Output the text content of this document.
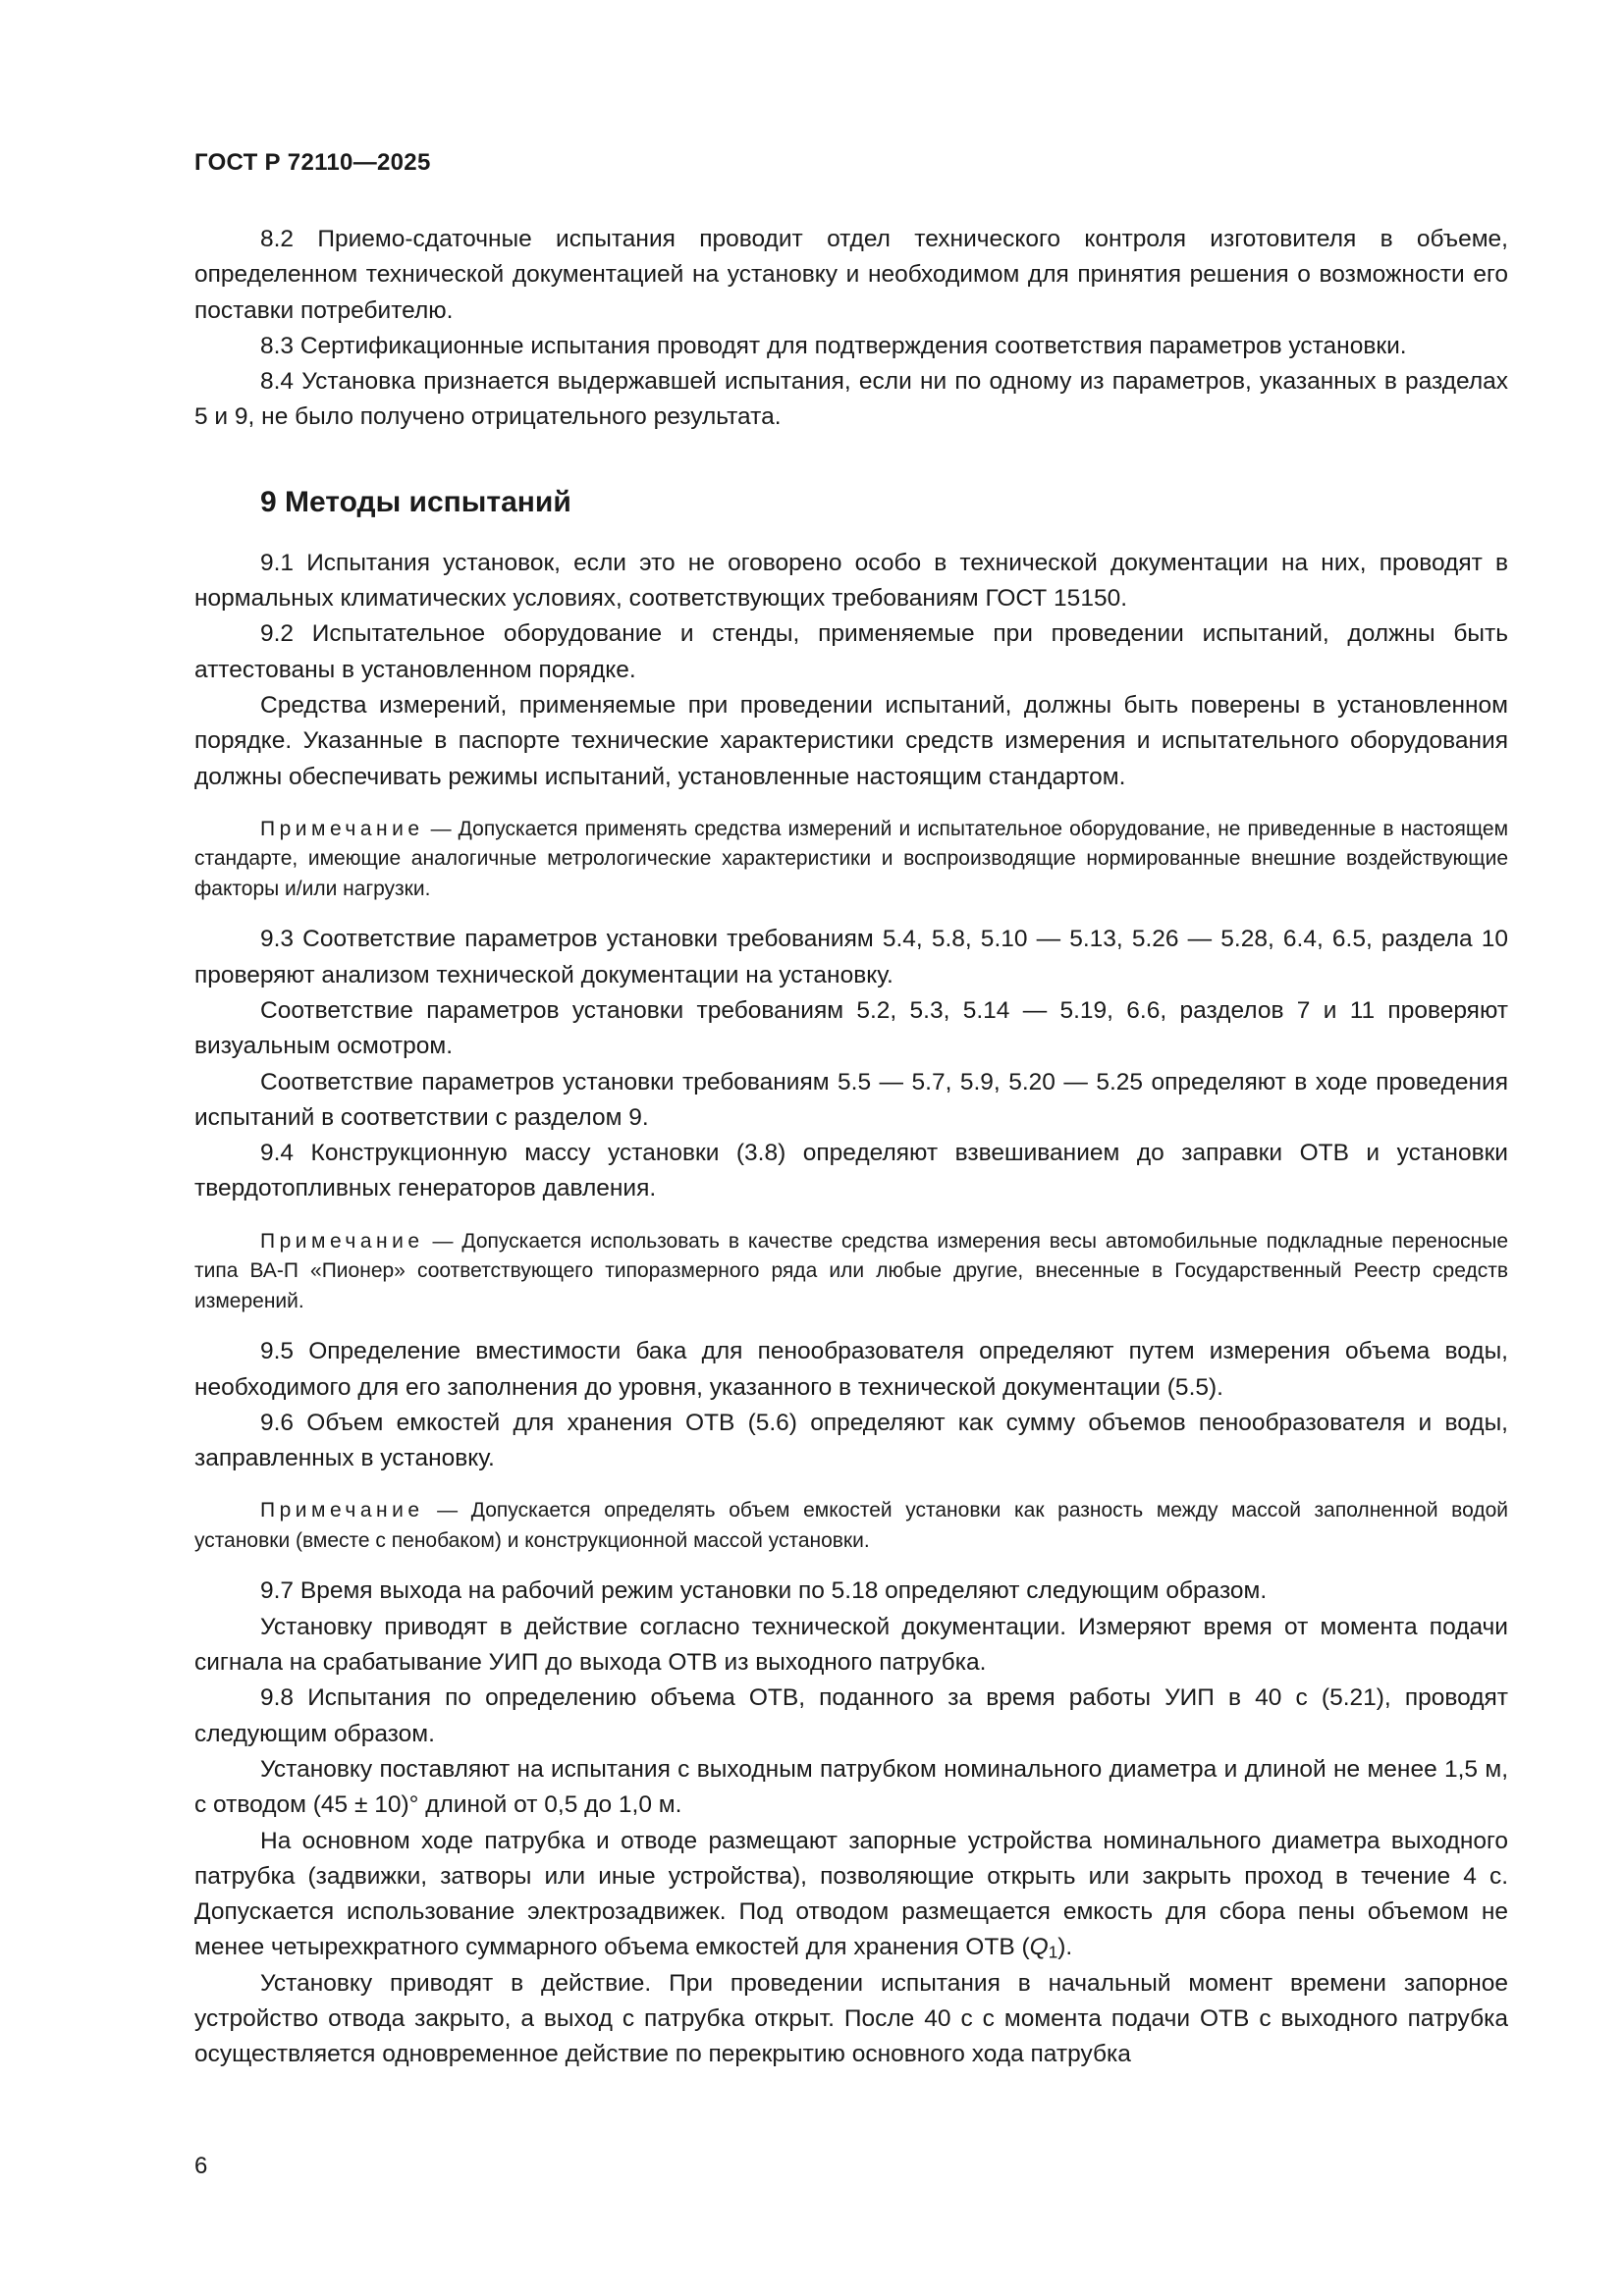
ГОСТ Р 72110—2025

8.2 Приемо-сдаточные испытания проводит отдел технического контроля изготовителя в объеме, определенном технической документацией на установку и необходимом для принятия решения о возможности его поставки потребителю.

8.3 Сертификационные испытания проводят для подтверждения соответствия параметров установки.

8.4 Установка признается выдержавшей испытания, если ни по одному из параметров, указанных в разделах 5 и 9, не было получено отрицательного результата.

9 Методы испытаний

9.1 Испытания установок, если это не оговорено особо в технической документации на них, проводят в нормальных климатических условиях, соответствующих требованиям ГОСТ 15150.

9.2 Испытательное оборудование и стенды, применяемые при проведении испытаний, должны быть аттестованы в установленном порядке.

Средства измерений, применяемые при проведении испытаний, должны быть поверены в установленном порядке. Указанные в паспорте технические характеристики средств измерения и испытательного оборудования должны обеспечивать режимы испытаний, установленные настоящим стандартом.

Примечание — Допускается применять средства измерений и испытательное оборудование, не приведенные в настоящем стандарте, имеющие аналогичные метрологические характеристики и воспроизводящие нормированные внешние воздействующие факторы и/или нагрузки.

9.3 Соответствие параметров установки требованиям 5.4, 5.8, 5.10 — 5.13, 5.26 — 5.28, 6.4, 6.5, раздела 10 проверяют анализом технической документации на установку.

Соответствие параметров установки требованиям 5.2, 5.3, 5.14 — 5.19, 6.6, разделов 7 и 11 проверяют визуальным осмотром.

Соответствие параметров установки требованиям 5.5 — 5.7, 5.9, 5.20 — 5.25 определяют в ходе проведения испытаний в соответствии с разделом 9.

9.4 Конструкционную массу установки (3.8) определяют взвешиванием до заправки ОТВ и установки твердотопливных генераторов давления.

Примечание — Допускается использовать в качестве средства измерения весы автомобильные подкладные переносные типа ВА-П «Пионер» соответствующего типоразмерного ряда или любые другие, внесенные в Государственный Реестр средств измерений.

9.5 Определение вместимости бака для пенообразователя определяют путем измерения объема воды, необходимого для его заполнения до уровня, указанного в технической документации (5.5).

9.6 Объем емкостей для хранения ОТВ (5.6) определяют как сумму объемов пенообразователя и воды, заправленных в установку.

Примечание — Допускается определять объем емкостей установки как разность между массой заполненной водой установки (вместе с пенобаком) и конструкционной массой установки.

9.7 Время выхода на рабочий режим установки по 5.18 определяют следующим образом.

Установку приводят в действие согласно технической документации. Измеряют время от момента подачи сигнала на срабатывание УИП до выхода ОТВ из выходного патрубка.

9.8 Испытания по определению объема ОТВ, поданного за время работы УИП в 40 с (5.21), проводят следующим образом.

Установку поставляют на испытания с выходным патрубком номинального диаметра и длиной не менее 1,5 м, с отводом (45 ± 10)° длиной от 0,5 до 1,0 м.

На основном ходе патрубка и отводе размещают запорные устройства номинального диаметра выходного патрубка (задвижки, затворы или иные устройства), позволяющие открыть или закрыть проход в течение 4 с. Допускается использование электрозадвижек. Под отводом размещается емкость для сбора пены объемом не менее четырехкратного суммарного объема емкостей для хранения ОТВ $(Q_1)$.

Установку приводят в действие. При проведении испытания в начальный момент времени запорное устройство отвода закрыто, а выход с патрубка открыт. После 40 с с момента подачи ОТВ с выходного патрубка осуществляется одновременное действие по перекрытию основного хода патрубка

6
